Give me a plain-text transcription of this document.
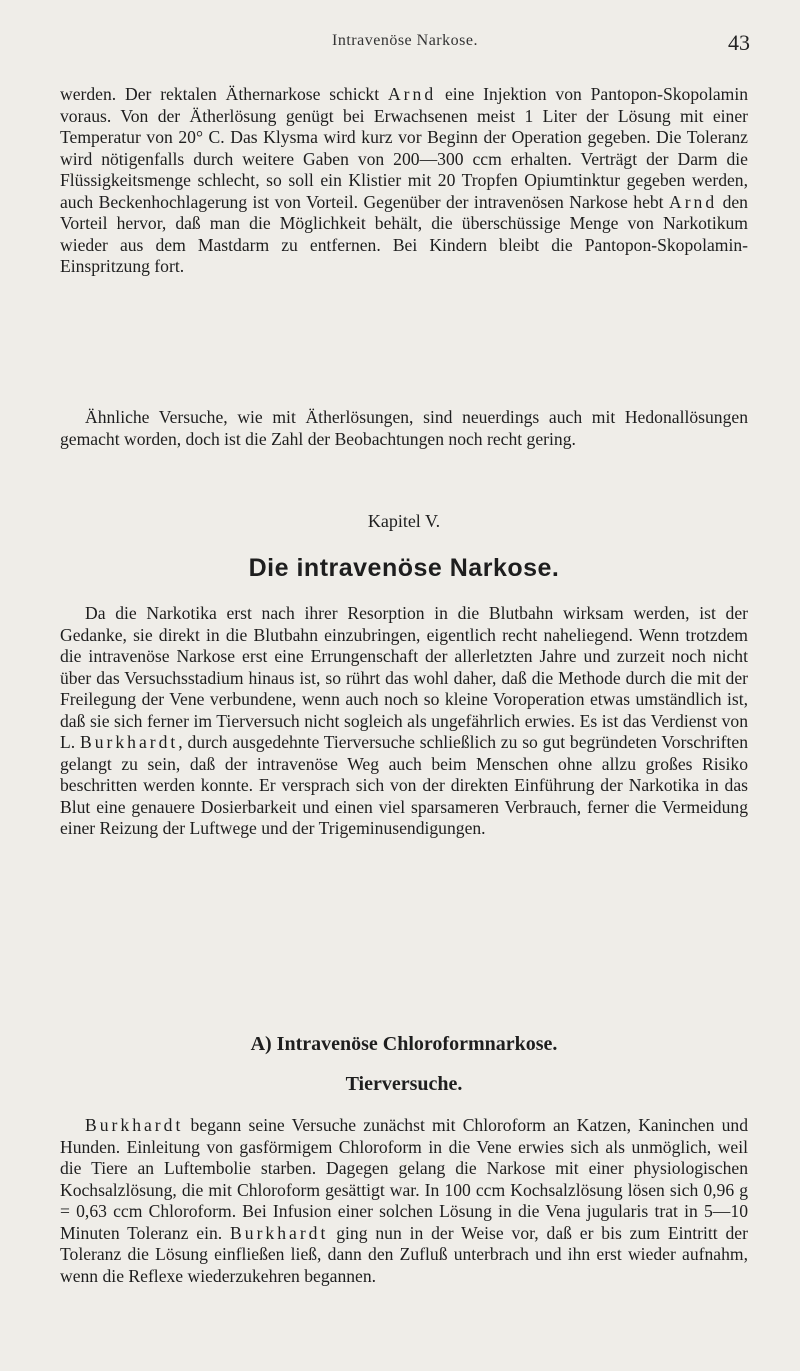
Intravenöse Narkose.	43

werden. Der rektalen Äthernarkose schickt Arnd eine Injektion von Pantopon-Skopolamin voraus. Von der Ätherlösung genügt bei Erwachsenen meist 1 Liter der Lösung mit einer Temperatur von 20° C. Das Klysma wird kurz vor Beginn der Operation gegeben. Die Toleranz wird nötigenfalls durch weitere Gaben von 200—300 ccm erhalten. Verträgt der Darm die Flüssigkeitsmenge schlecht, so soll ein Klistier mit 20 Tropfen Opiumtinktur gegeben werden, auch Beckenhochlagerung ist von Vorteil. Gegenüber der intravenösen Narkose hebt Arnd den Vorteil hervor, daß man die Möglichkeit behält, die überschüssige Menge von Narkotikum wieder aus dem Mastdarm zu entfernen. Bei Kindern bleibt die Pantopon-Skopolamin-Einspritzung fort.

Ähnliche Versuche, wie mit Ätherlösungen, sind neuerdings auch mit Hedonallösungen gemacht worden, doch ist die Zahl der Beobachtungen noch recht gering.

Kapitel V.
Die intravenöse Narkose.

Da die Narkotika erst nach ihrer Resorption in die Blutbahn wirksam werden, ist der Gedanke, sie direkt in die Blutbahn einzubringen, eigentlich recht naheliegend. Wenn trotzdem die intravenöse Narkose erst eine Errungenschaft der allerletzten Jahre und zurzeit noch nicht über das Versuchsstadium hinaus ist, so rührt das wohl daher, daß die Methode durch die mit der Freilegung der Vene verbundene, wenn auch noch so kleine Voroperation etwas umständlich ist, daß sie sich ferner im Tierversuch nicht sogleich als ungefährlich erwies. Es ist das Verdienst von L. Burkhardt, durch ausgedehnte Tierversuche schließlich zu so gut begründeten Vorschriften gelangt zu sein, daß der intravenöse Weg auch beim Menschen ohne allzu großes Risiko beschritten werden konnte. Er versprach sich von der direkten Einführung der Narkotika in das Blut eine genauere Dosierbarkeit und einen viel sparsameren Verbrauch, ferner die Vermeidung einer Reizung der Luftwege und der Trigeminusendigungen.

A) Intravenöse Chloroformnarkose.
Tierversuche.

Burkhardt begann seine Versuche zunächst mit Chloroform an Katzen, Kaninchen und Hunden. Einleitung von gasförmigem Chloroform in die Vene erwies sich als unmöglich, weil die Tiere an Luftembolie starben. Dagegen gelang die Narkose mit einer physiologischen Kochsalzlösung, die mit Chloroform gesättigt war. In 100 ccm Kochsalzlösung lösen sich 0,96 g = 0,63 ccm Chloroform. Bei Infusion einer solchen Lösung in die Vena jugularis trat in 5—10 Minuten Toleranz ein. Burkhardt ging nun in der Weise vor, daß er bis zum Eintritt der Toleranz die Lösung einfließen ließ, dann den Zufluß unterbrach und ihn erst wieder aufnahm, wenn die Reflexe wiederzukehren begannen.
